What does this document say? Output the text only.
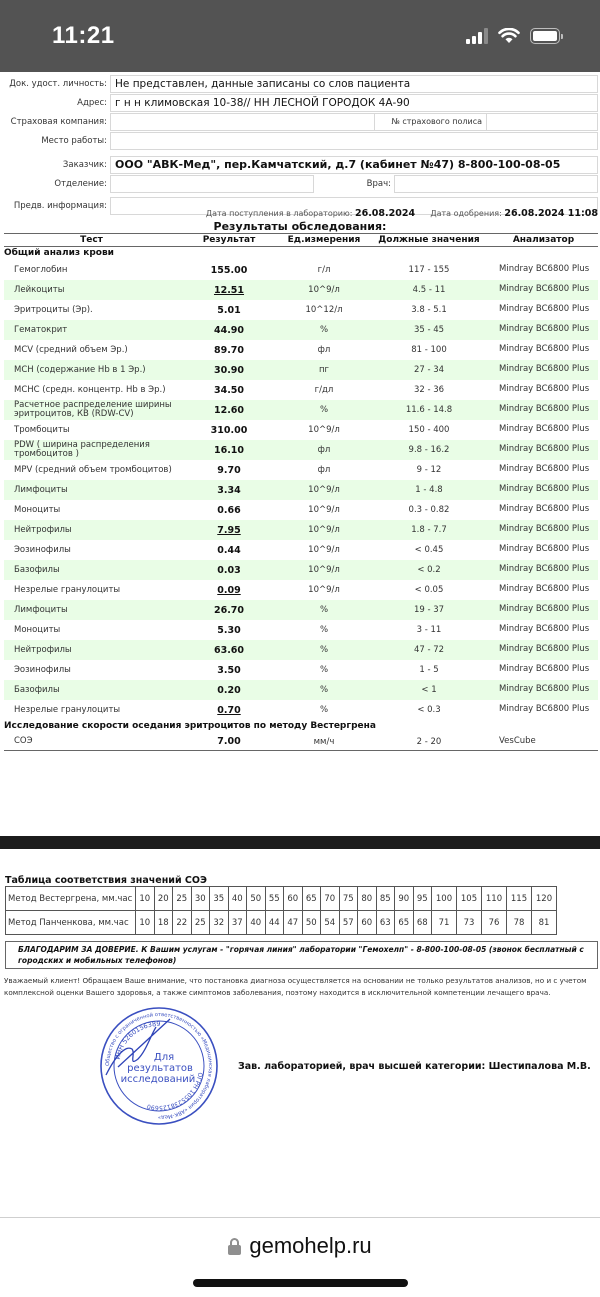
11:21
Док. удост. личность: Не представлен, данные записаны со слов пациента
Адрес: г н н климовская 10-38// НН ЛЕСНОЙ ГОРОДОК 4А-90
Страховая компания:	№ страхового полиса
Место работы:
Заказчик: ООО "АВК-Мед", пер.Камчатский, д.7 (кабинет №47) 8-800-100-08-05
Отделение:	Врач:
Предв. информация:
Дата поступления в лабораторию: 26.08.2024 Дата одобрения: 26.08.2024 11:08
Результаты обследования:
Тест	Результат	Ед.измерения	Должные значения	Анализатор
Общий анализ крови
Гемоглобин	155.00	г/л	117 - 155	Mindray BC6800 Plus
Лейкоциты	12.51	10^9/л	4.5 - 11	Mindray BC6800 Plus
Эритроциты (Эр).	5.01	10^12/л	3.8 - 5.1	Mindray BC6800 Plus
Гематокрит	44.90	%	35 - 45	Mindray BC6800 Plus
MCV (средний объем Эр.)	89.70	фл	81 - 100	Mindray BC6800 Plus
MCH (содержание Hb в 1 Эр.)	30.90	пг	27 - 34	Mindray BC6800 Plus
MCHC (средн. концентр. Hb в Эр.)	34.50	г/дл	32 - 36	Mindray BC6800 Plus
Расчетное распределение ширины эритроцитов, КВ (RDW-CV)	12.60	%	11.6 - 14.8	Mindray BC6800 Plus
Тромбоциты	310.00	10^9/л	150 - 400	Mindray BC6800 Plus
PDW ( ширина распределения тромбоцитов )	16.10	фл	9.8 - 16.2	Mindray BC6800 Plus
MPV (средний объем тромбоцитов)	9.70	фл	9 - 12	Mindray BC6800 Plus
Лимфоциты	3.34	10^9/л	1 - 4.8	Mindray BC6800 Plus
Моноциты	0.66	10^9/л	0.3 - 0.82	Mindray BC6800 Plus
Нейтрофилы	7.95	10^9/л	1.8 - 7.7	Mindray BC6800 Plus
Эозинофилы	0.44	10^9/л	< 0.45	Mindray BC6800 Plus
Базофилы	0.03	10^9/л	< 0.2	Mindray BC6800 Plus
Незрелые гранулоциты	0.09	10^9/л	< 0.05	Mindray BC6800 Plus
Лимфоциты	26.70	%	19 - 37	Mindray BC6800 Plus
Моноциты	5.30	%	3 - 11	Mindray BC6800 Plus
Нейтрофилы	63.60	%	47 - 72	Mindray BC6800 Plus
Эозинофилы	3.50	%	1 - 5	Mindray BC6800 Plus
Базофилы	0.20	%	< 1	Mindray BC6800 Plus
Незрелые гранулоциты	0.70	%	< 0.3	Mindray BC6800 Plus
Исследование скорости оседания эритроцитов по методу Вестергрена
СОЭ	7.00	мм/ч	2 - 20	VesCube
Таблица соответствия значений СОЭ
Метод Вестергрена, мм.час	10	20	25	30	35	40	50	55	60	65	70	75	80	85	90	95	100	105	110	115	120
Метод Панченкова, мм.час	10	18	22	25	32	37	40	44	47	50	54	57	60	63	65	68	71	73	76	78	81
БЛАГОДАРИМ ЗА ДОВЕРИЕ. К Вашим услугам - "горячая линия" лаборатории "Гемохелп" - 8-800-100-08-05 (звонок бесплатный с городских и мобильных телефонов)
Уважаемый клиент! Обращаем Ваше внимание, что постановка диагноза осуществляется на основании не только результатов анализов, но и с учетом комплексной оценки Вашего здоровья, а также симптомов заболевания, поэтому находится в исключительной компетенции лечащего врача.
Общество с ограниченной ответственностью «Медицинская лаборатория «АВК-Мед»
ИНН 5260156389
ОГРН 1055238125690
Для
результатов
исследований
Зав. лабораторией, врач высшей категории: Шестипалова М.В.
gemohelp.ru
